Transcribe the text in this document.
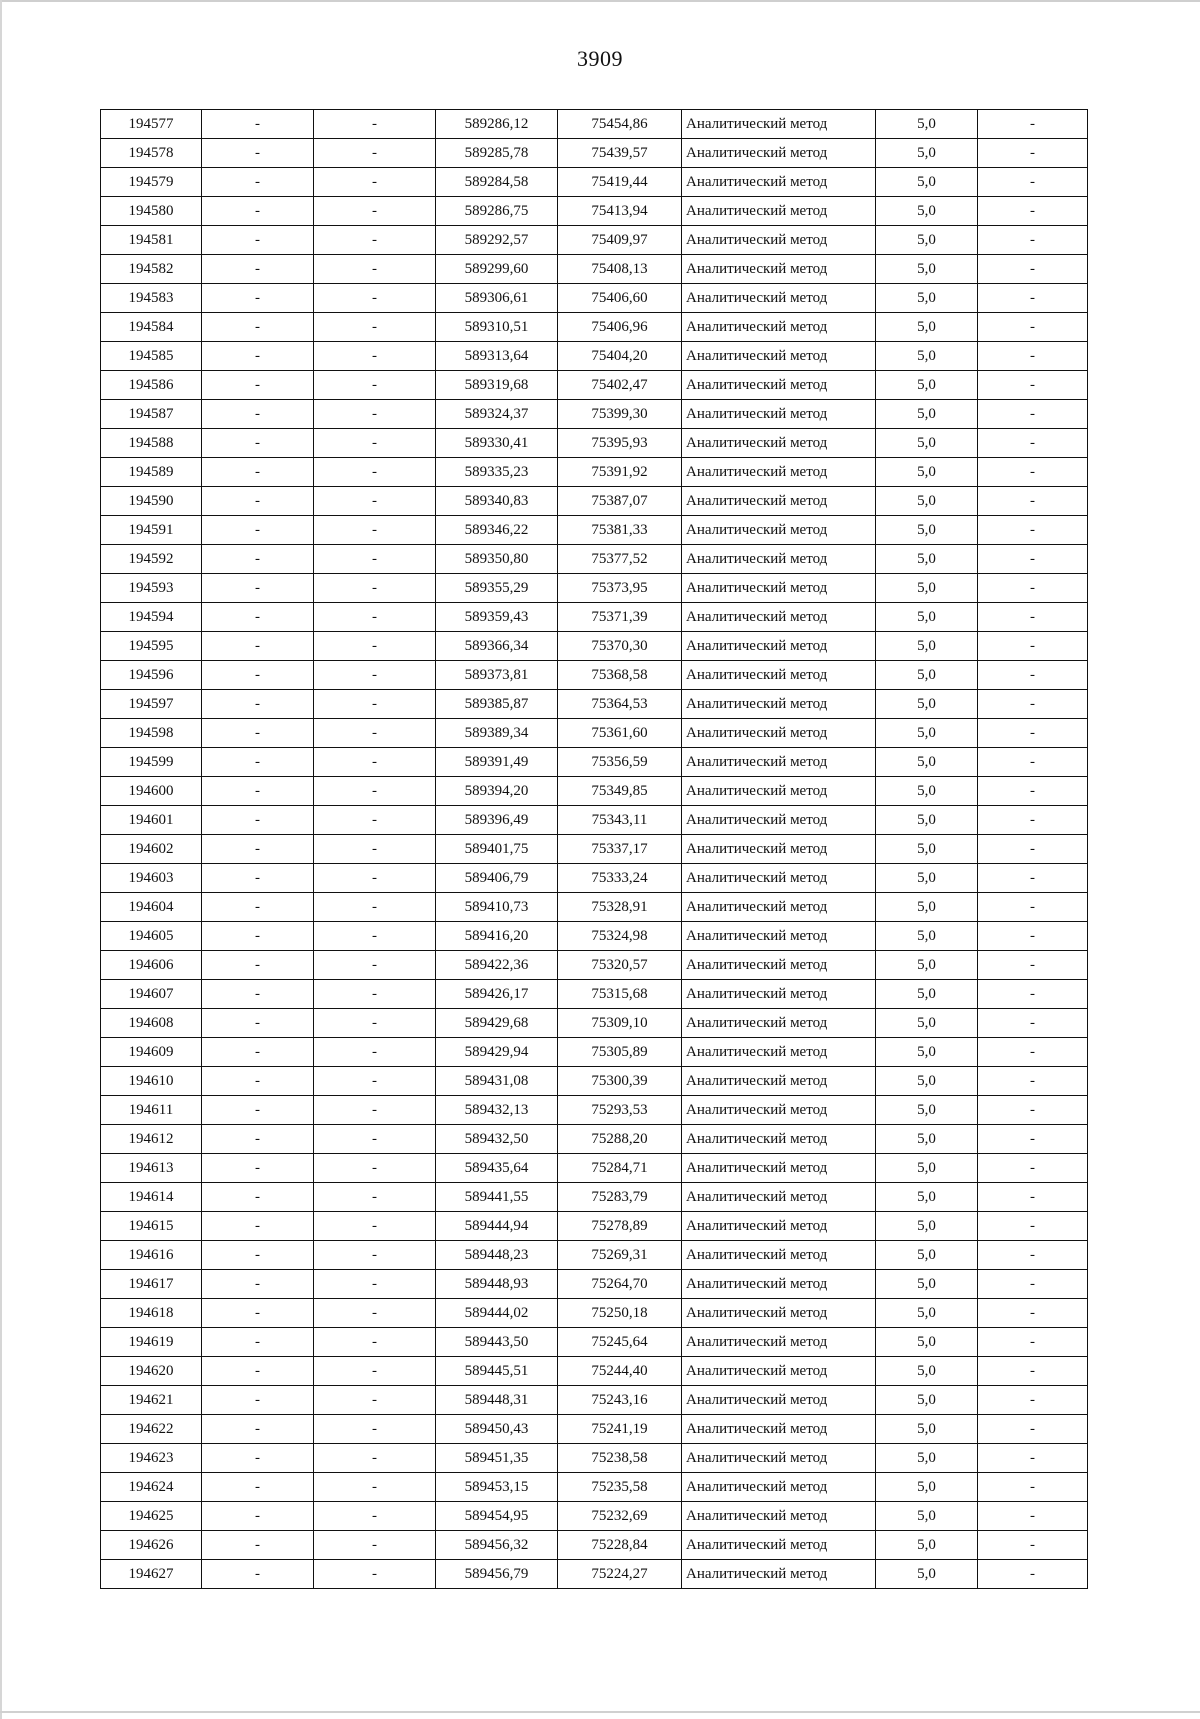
3909
194577	-	-	589286,12	75454,86	Аналитический метод	5,0	-
194578	-	-	589285,78	75439,57	Аналитический метод	5,0	-
194579	-	-	589284,58	75419,44	Аналитический метод	5,0	-
194580	-	-	589286,75	75413,94	Аналитический метод	5,0	-
194581	-	-	589292,57	75409,97	Аналитический метод	5,0	-
194582	-	-	589299,60	75408,13	Аналитический метод	5,0	-
194583	-	-	589306,61	75406,60	Аналитический метод	5,0	-
194584	-	-	589310,51	75406,96	Аналитический метод	5,0	-
194585	-	-	589313,64	75404,20	Аналитический метод	5,0	-
194586	-	-	589319,68	75402,47	Аналитический метод	5,0	-
194587	-	-	589324,37	75399,30	Аналитический метод	5,0	-
194588	-	-	589330,41	75395,93	Аналитический метод	5,0	-
194589	-	-	589335,23	75391,92	Аналитический метод	5,0	-
194590	-	-	589340,83	75387,07	Аналитический метод	5,0	-
194591	-	-	589346,22	75381,33	Аналитический метод	5,0	-
194592	-	-	589350,80	75377,52	Аналитический метод	5,0	-
194593	-	-	589355,29	75373,95	Аналитический метод	5,0	-
194594	-	-	589359,43	75371,39	Аналитический метод	5,0	-
194595	-	-	589366,34	75370,30	Аналитический метод	5,0	-
194596	-	-	589373,81	75368,58	Аналитический метод	5,0	-
194597	-	-	589385,87	75364,53	Аналитический метод	5,0	-
194598	-	-	589389,34	75361,60	Аналитический метод	5,0	-
194599	-	-	589391,49	75356,59	Аналитический метод	5,0	-
194600	-	-	589394,20	75349,85	Аналитический метод	5,0	-
194601	-	-	589396,49	75343,11	Аналитический метод	5,0	-
194602	-	-	589401,75	75337,17	Аналитический метод	5,0	-
194603	-	-	589406,79	75333,24	Аналитический метод	5,0	-
194604	-	-	589410,73	75328,91	Аналитический метод	5,0	-
194605	-	-	589416,20	75324,98	Аналитический метод	5,0	-
194606	-	-	589422,36	75320,57	Аналитический метод	5,0	-
194607	-	-	589426,17	75315,68	Аналитический метод	5,0	-
194608	-	-	589429,68	75309,10	Аналитический метод	5,0	-
194609	-	-	589429,94	75305,89	Аналитический метод	5,0	-
194610	-	-	589431,08	75300,39	Аналитический метод	5,0	-
194611	-	-	589432,13	75293,53	Аналитический метод	5,0	-
194612	-	-	589432,50	75288,20	Аналитический метод	5,0	-
194613	-	-	589435,64	75284,71	Аналитический метод	5,0	-
194614	-	-	589441,55	75283,79	Аналитический метод	5,0	-
194615	-	-	589444,94	75278,89	Аналитический метод	5,0	-
194616	-	-	589448,23	75269,31	Аналитический метод	5,0	-
194617	-	-	589448,93	75264,70	Аналитический метод	5,0	-
194618	-	-	589444,02	75250,18	Аналитический метод	5,0	-
194619	-	-	589443,50	75245,64	Аналитический метод	5,0	-
194620	-	-	589445,51	75244,40	Аналитический метод	5,0	-
194621	-	-	589448,31	75243,16	Аналитический метод	5,0	-
194622	-	-	589450,43	75241,19	Аналитический метод	5,0	-
194623	-	-	589451,35	75238,58	Аналитический метод	5,0	-
194624	-	-	589453,15	75235,58	Аналитический метод	5,0	-
194625	-	-	589454,95	75232,69	Аналитический метод	5,0	-
194626	-	-	589456,32	75228,84	Аналитический метод	5,0	-
194627	-	-	589456,79	75224,27	Аналитический метод	5,0	-
